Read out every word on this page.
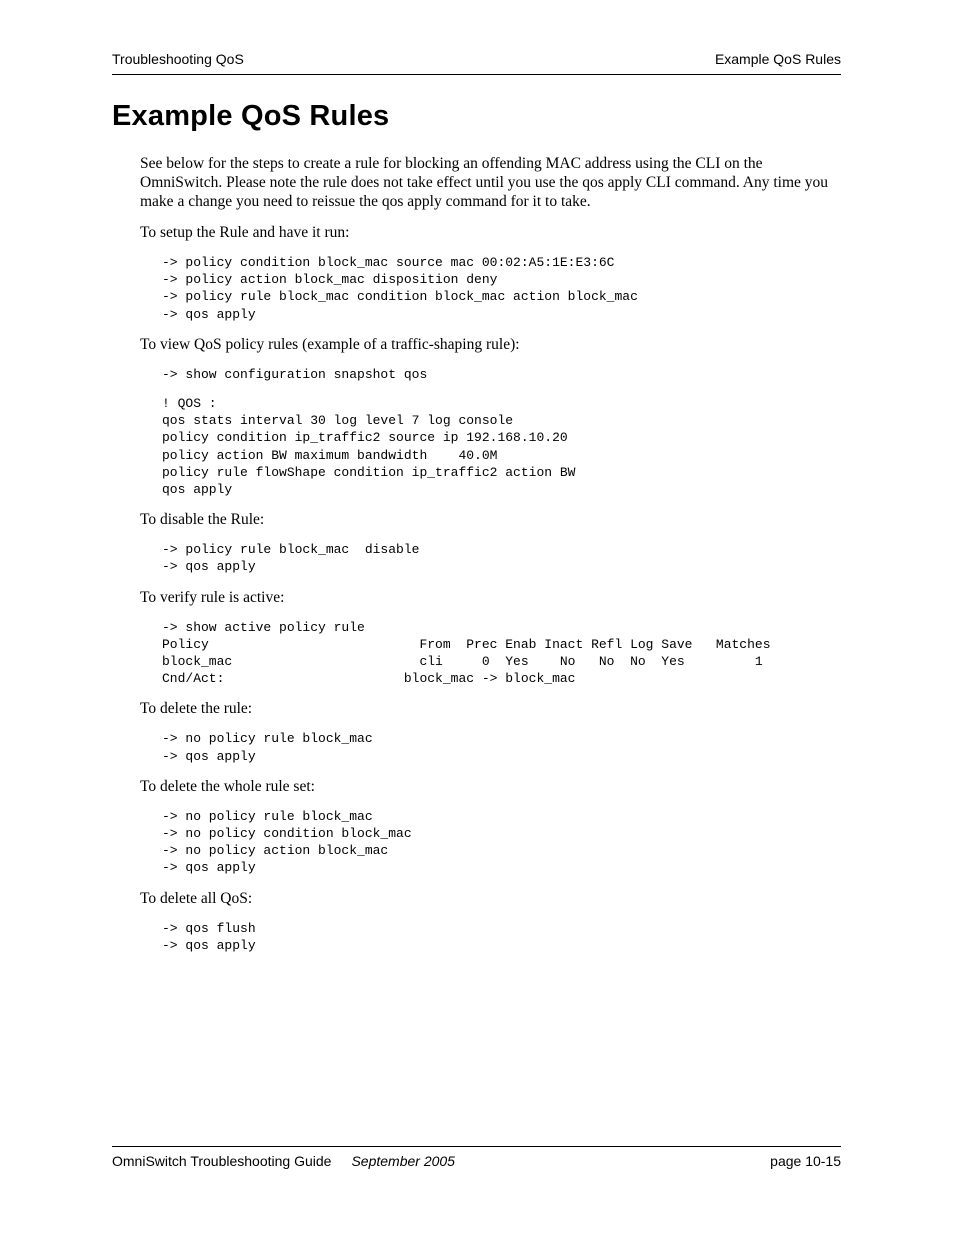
Troubleshooting QoS	Example QoS Rules
Example QoS Rules

See below for the steps to create a rule for blocking an offending MAC address using the CLI on the OmniSwitch. Please note the rule does not take effect until you use the qos apply CLI command. Any time you make a change you need to reissue the qos apply command for it to take.

To setup the Rule and have it run:

-> policy condition block_mac source mac 00:02:A5:1E:E3:6C
-> policy action block_mac disposition deny
-> policy rule block_mac condition block_mac action block_mac
-> qos apply

To view QoS policy rules (example of a traffic-shaping rule):

-> show configuration snapshot qos
! QOS :
qos stats interval 30 log level 7 log console
policy condition ip_traffic2 source ip 192.168.10.20
policy action BW maximum bandwidth    40.0M
policy rule flowShape condition ip_traffic2 action BW
qos apply

To disable the Rule:

-> policy rule block_mac  disable
-> qos apply

To verify rule is active:

-> show active policy rule
Policy                           From  Prec Enab Inact Refl Log Save   Matches
block_mac                        cli     0  Yes    No   No  No  Yes         1
Cnd/Act:                       block_mac -> block_mac

To delete the rule:

-> no policy rule block_mac
-> qos apply

To delete the whole rule set:

-> no policy rule block_mac
-> no policy condition block_mac
-> no policy action block_mac
-> qos apply

To delete all QoS:

-> qos flush
-> qos apply
OmniSwitch Troubleshooting Guide September 2005	page 10-15
